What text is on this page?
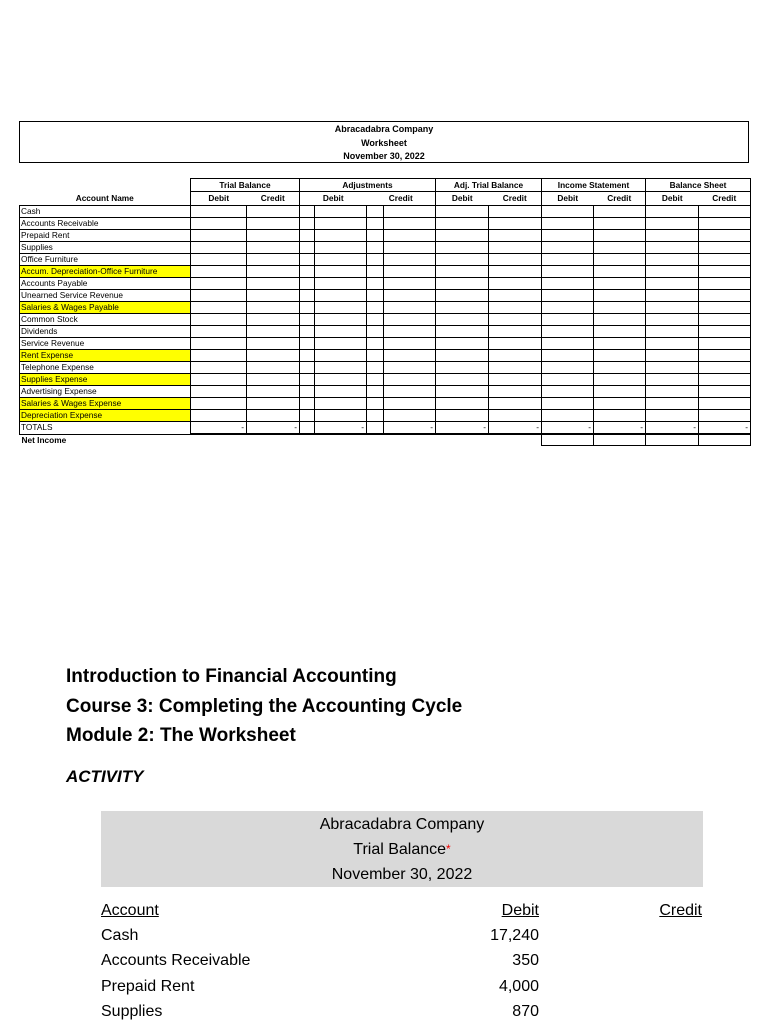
Abracadabra Company
Worksheet
November 30, 2022
	Trial Balance		Adjustments				Adj. Trial Balance		Income Statement		Balance Sheet	
Account Name	Debit	Credit	Debit		Credit		Debit	Credit	Debit	Credit	Debit	Credit
Cash												
Accounts Receivable												
Prepaid Rent												
Supplies												
Office Furniture												
Accum. Depreciation-Office Furniture												
Accounts Payable												
Unearned Service Revenue												
Salaries & Wages Payable												
Common Stock												
Dividends												
Service Revenue												
Rent Expense												
Telephone Expense												
Supplies Expense												
Advertising Expense												
Salaries & Wages Expense												
Depreciation Expense												
TOTALS	-	-		-		-	-	-	-	-	-	-
Net Income												
Introduction to Financial Accounting
Course 3: Completing the Accounting Cycle
Module 2: The Worksheet
ACTIVITY
Abracadabra Company
Trial Balance*
November 30, 2022
Account	Debit	Credit
Cash	17,240
Accounts Receivable	350
Prepaid Rent	4,000
Supplies	870
